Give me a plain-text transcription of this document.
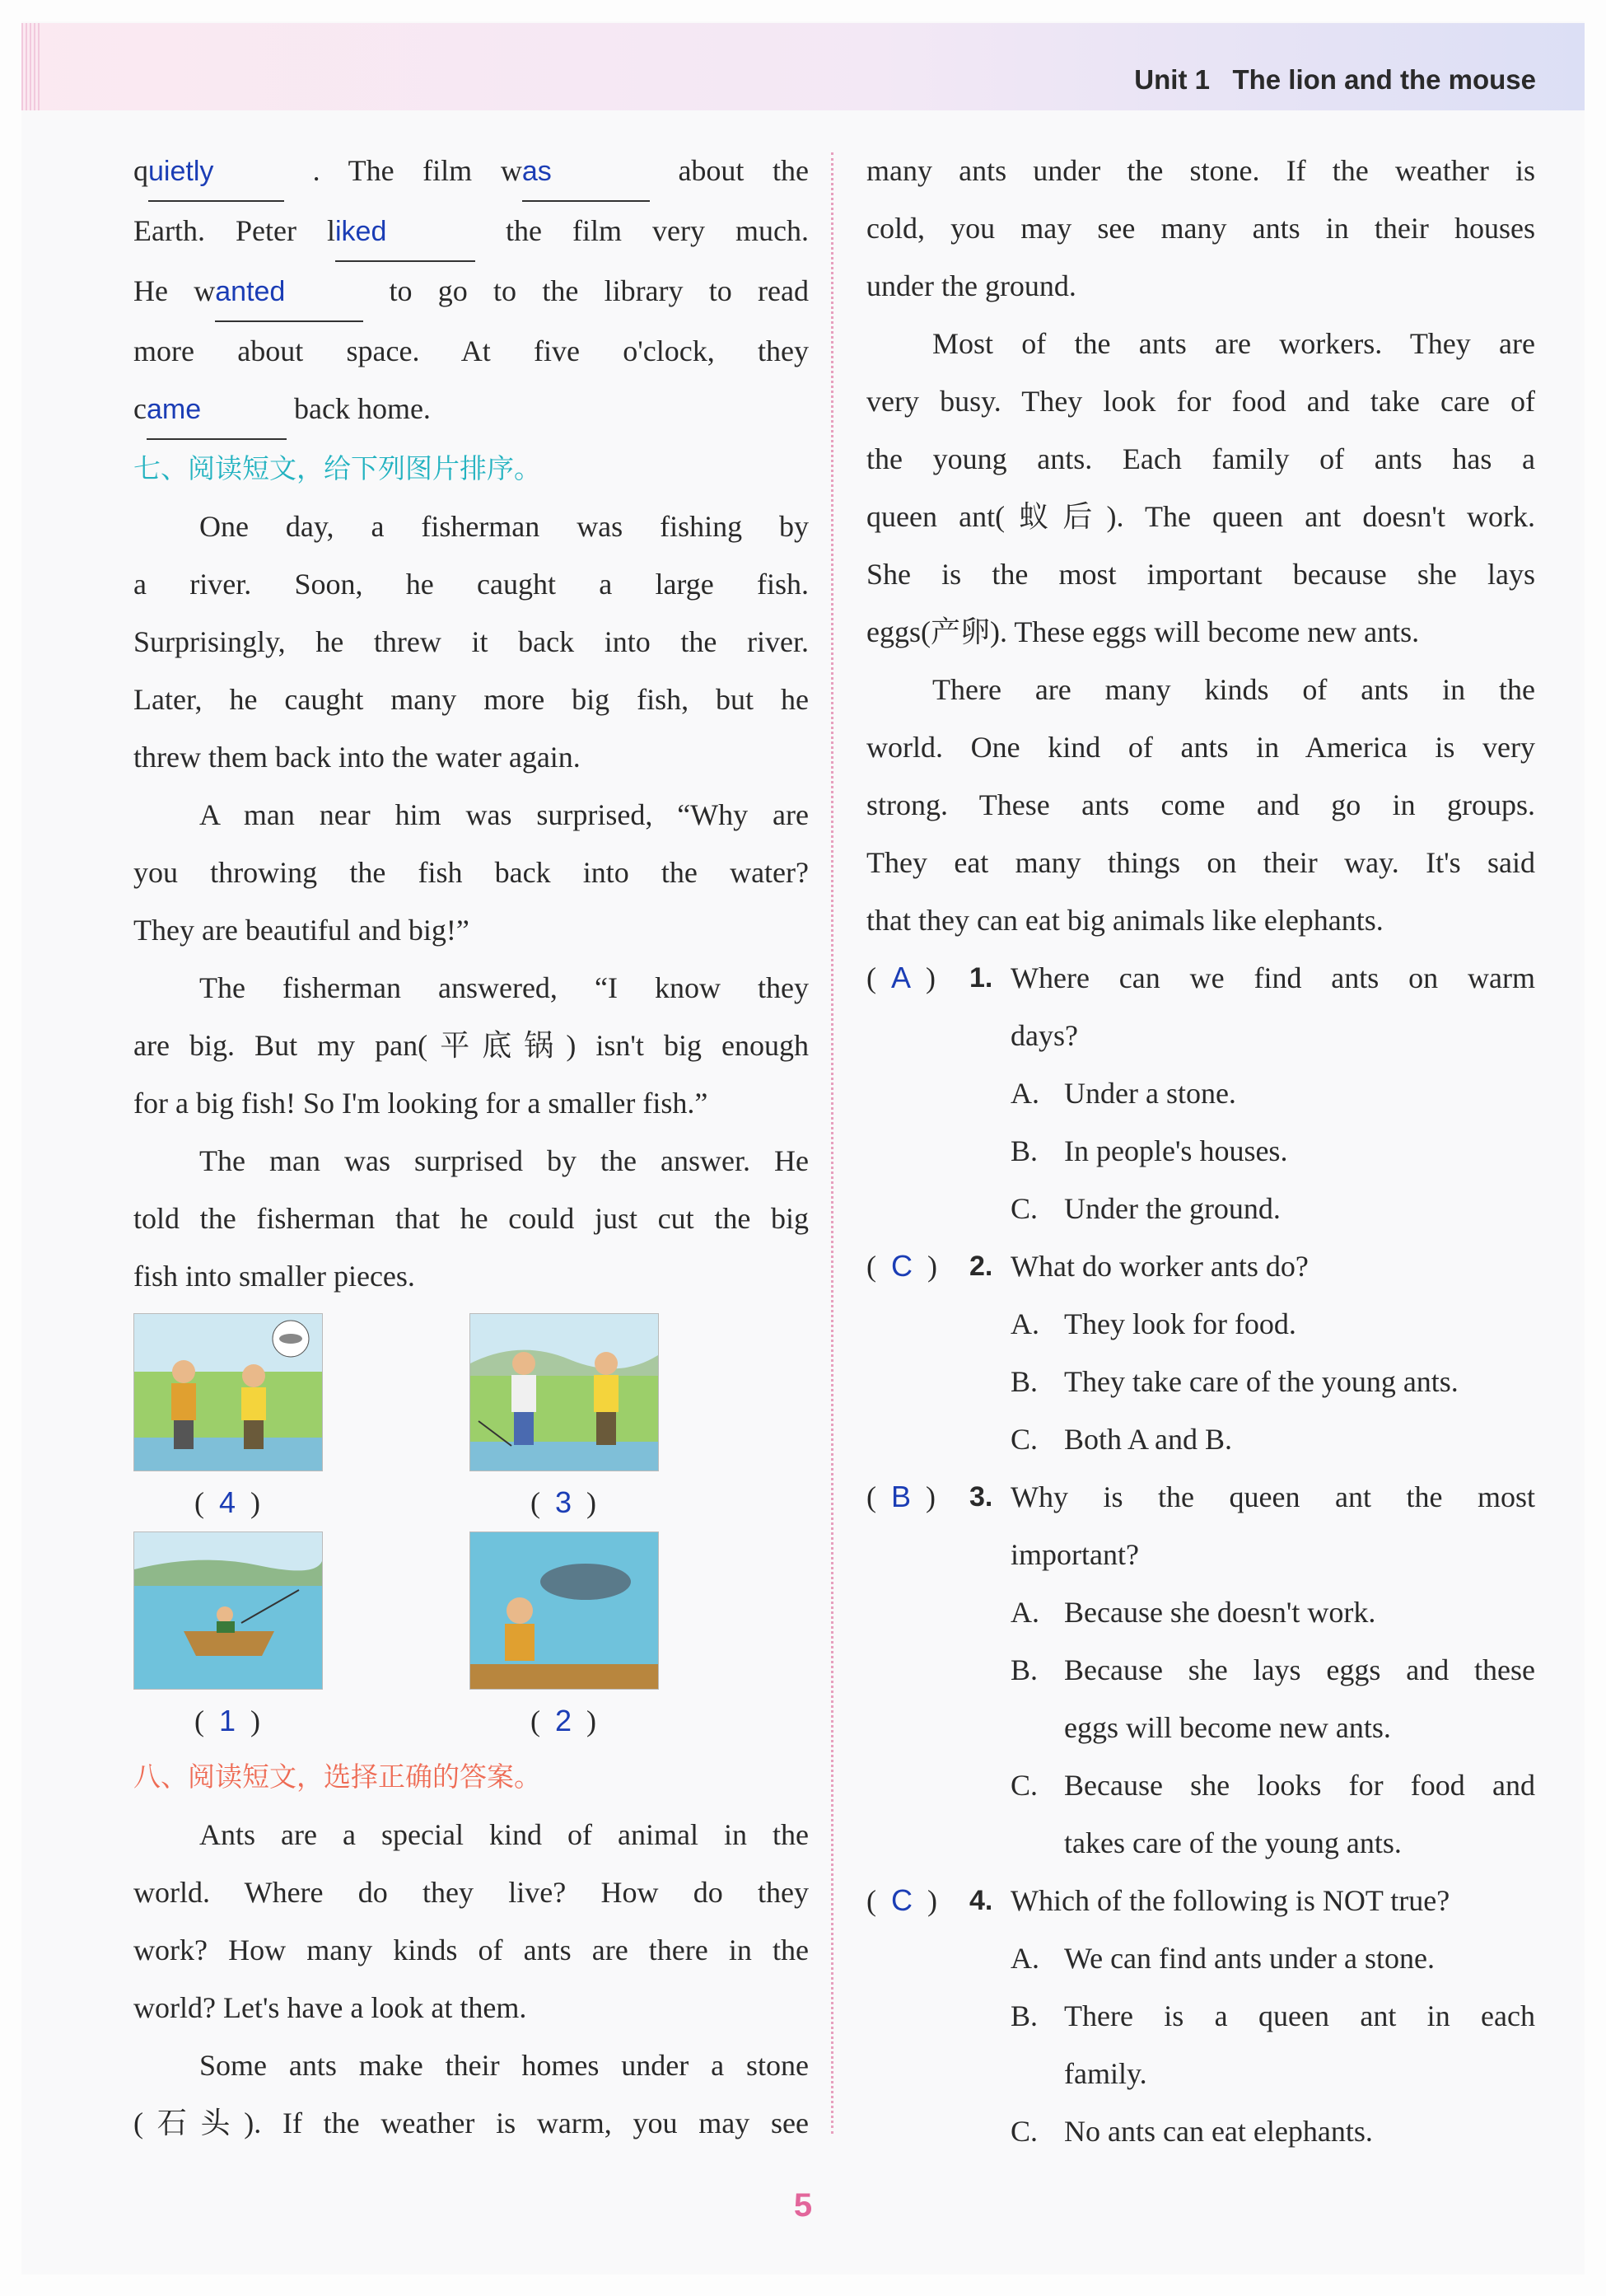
Unit 1   The lion and the mouse

quietly	. The film was	about the

Earth. Peter liked	the film very much.

He wanted	to go to the library to read

more about space. At five o'clock, they

came	back home.

七、阅读短文，给下列图片排序。

One day, a fisherman was fishing by

a river. Soon, he caught a large fish.

Surprisingly, he threw it back into the river.

Later, he caught many more big fish, but he

threw them back into the water again.

A man near him was surprised, “Why are

you throwing the fish back into the water?

They are beautiful and big!”

The fisherman answered, “I know they

are big. But my pan(平底锅) isn't big enough

for a big fish! So I'm looking for a smaller fish.”

The man was surprised by the answer. He

told the fisherman that he could just cut the big

fish into smaller pieces.

( 4 )	( 3 )
( 1 )	( 2 )

八、阅读短文，选择正确的答案。

Ants are a special kind of animal in the

world. Where do they live? How do they

work? How many kinds of ants are there in the

world? Let's have a look at them.

Some ants make their homes under a stone

(石头). If the weather is warm, you may see

many ants under the stone. If the weather is

cold, you may see many ants in their houses

under the ground.

Most of the ants are workers. They are

very busy. They look for food and take care of

the young ants. Each family of ants has a

queen ant(蚁后). The queen ant doesn't work.

She is the most important because she lays

eggs(产卵). These eggs will become new ants.

There are many kinds of ants in the

world. One kind of ants in America is very

strong. These ants come and go in groups.

They eat many things on their way. It's said

that they can eat big animals like elephants.

(  A  )	1. Where can we find ants on warm

days?

A. Under a stone.
B. In people's houses.
C. Under the ground.
(  C  )	2. What do worker ants do?

A. They look for food.
B. They take care of the young ants.
C. Both A and B.
(  B  )	3. Why is the queen ant the most

important?

A. Because she doesn't work.
B. Because she lays eggs and these

eggs will become new ants.

C. Because she looks for food and

takes care of the young ants.

(  C  )	4. Which of the following is NOT true?

A. We can find ants under a stone.
B. There is a queen ant in each

family.

C. No ants can eat elephants.
5
